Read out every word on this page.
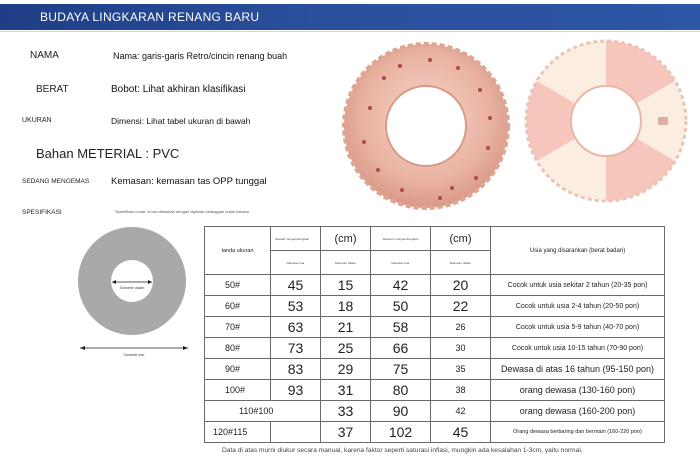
BUDAYA LINGKARAN RENANG BARU
NAMA	Nama: garis-garis Retro/cincin renang buah
BERAT	Bobot: Lihat akhiran klasifikasi
UKURAN	Dimensi: Lihat tabel ukuran di bawah
Bahan METERIAL : PVC
SEDANG MENGEMAS Kemasan: kemasan tas OPP tunggal
SPESIFIKASI	Spesifikasi mode: Kroto-ditambah dengan layanan pelanggan untuk ketahui
Diameter dalam
Diameter luar
tanda ukuran	Setelah mengembungkan	(cm)	Sebelum mengembungkan	(cm)	Usia yang disarankan (berat badan)
	Diameter luar	Diameter dalam	Diameter luar	Diameter dalam	
50#	45	15	42	20	Cocok untuk usia sekitar 2 tahun (20-35 pon)
60#	53	18	50	22	Cocok untuk usia 2-4 tahun (20-50 pon)
70#	63	21	58	26	Cocok untuk usia 5-9 tahun (40-70 pon)
80#	73	25	66	30	Cocok untuk usia 10-15 tahun (70-90 pon)
90#	83	29	75	35	Dewasa di atas 16 tahun (95-150 pon)
100#	93	31	80	38	orang dewasa (130-160 pon)
110#100		33	90	42	orang dewasa (160-200 pon)
120#115		37	102	45	Orang dewasa berbaring dan bermain (160-220 pon)
Data di atas murni diukur secara manual, karena faktor seperti saturasi inflasi, mungkin ada kesalahan 1-3cm, yaitu normal.
